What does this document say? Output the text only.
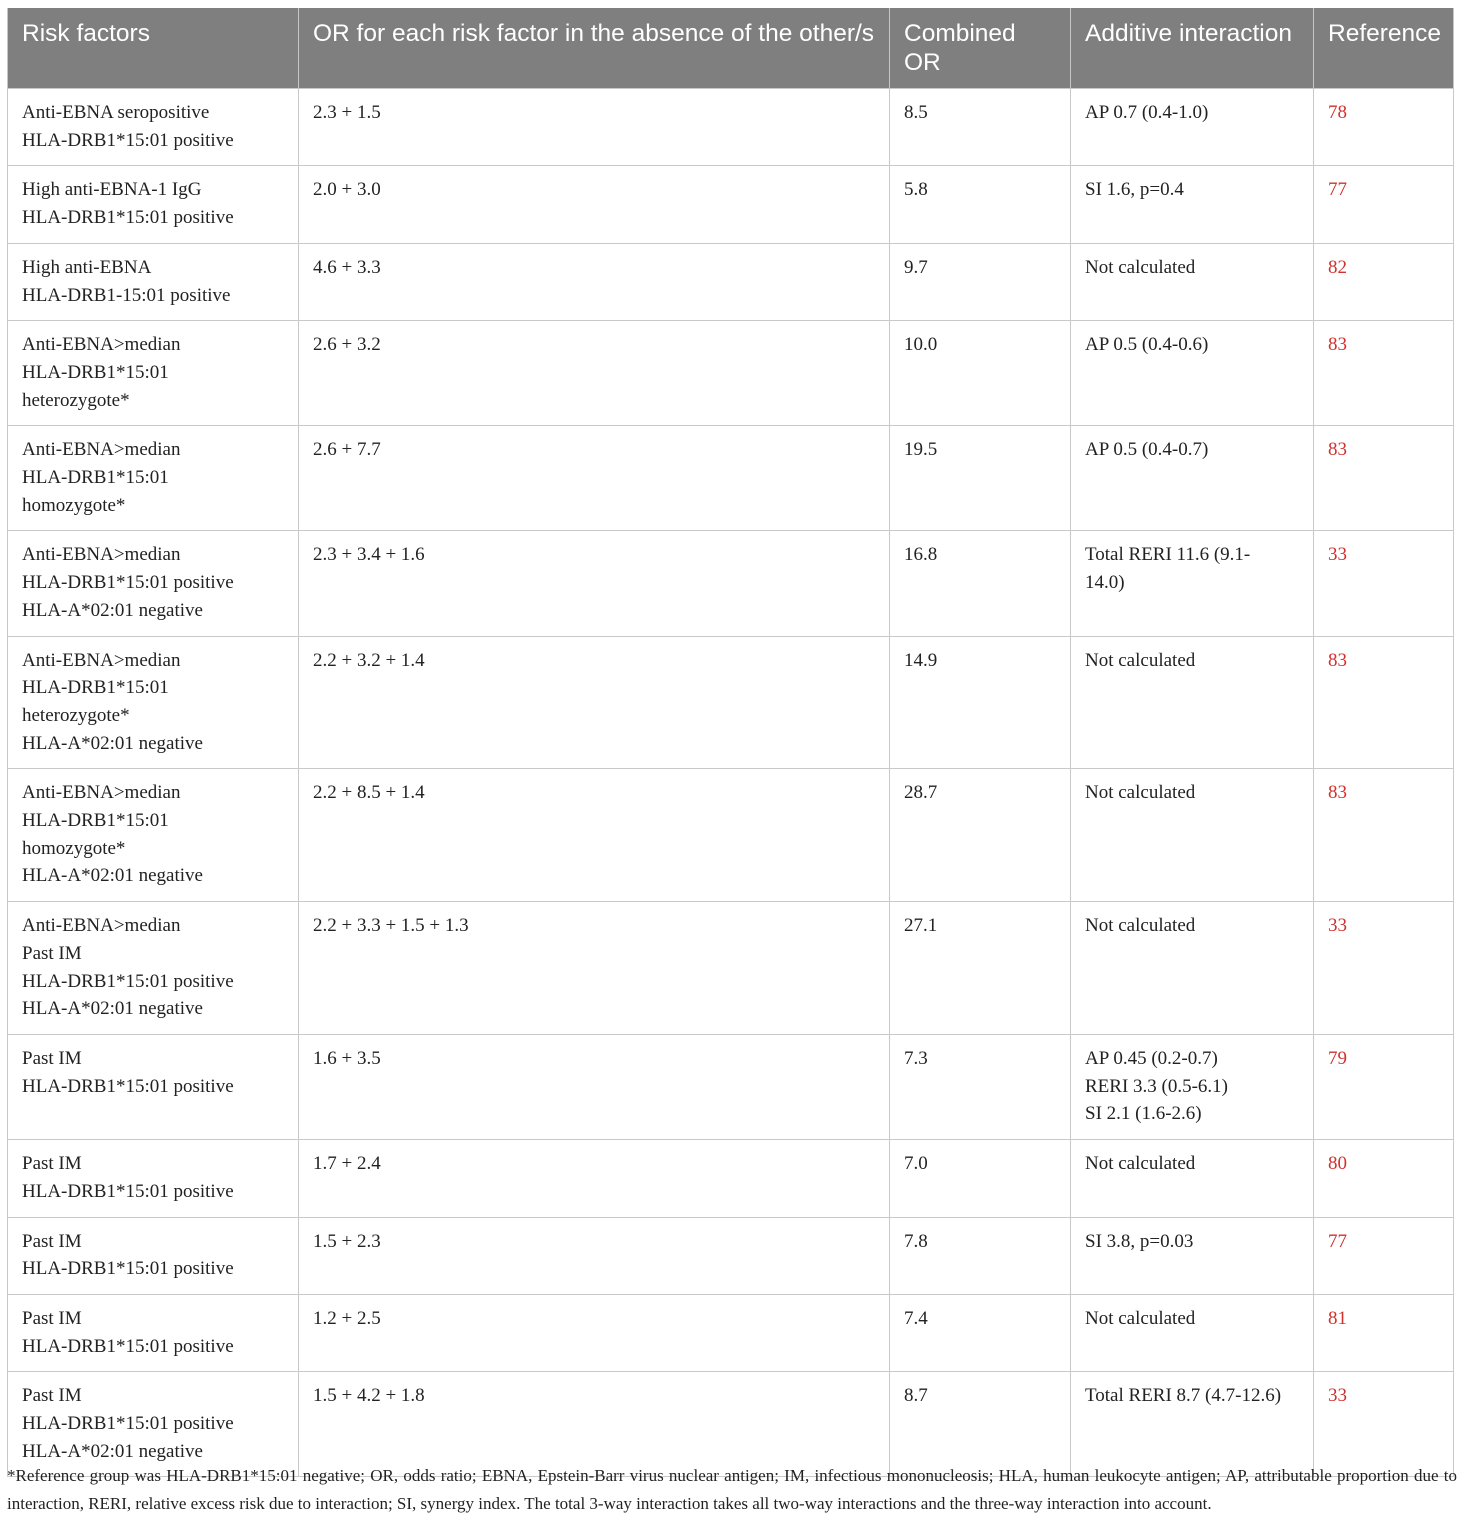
Risk factors	OR for each risk factor in the absence of the other/s	Combined OR	Additive interaction	Reference

Anti-EBNA seropositive
HLA-DRB1*15:01 positive	2.3 + 1.5	8.5	AP 0.7 (0.4-1.0)	78

High anti-EBNA-1 IgG
HLA-DRB1*15:01 positive	2.0 + 3.0	5.8	SI 1.6, p=0.4	77

High anti-EBNA
HLA-DRB1-15:01 positive	4.6 + 3.3	9.7	Not calculated	82

Anti-EBNA>median
HLA-DRB1*15:01
heterozygote*	2.6 + 3.2	10.0	AP 0.5 (0.4-0.6)	83

Anti-EBNA>median
HLA-DRB1*15:01
homozygote*	2.6 + 7.7	19.5	AP 0.5 (0.4-0.7)	83

Anti-EBNA>median
HLA-DRB1*15:01 positive
HLA-A*02:01 negative	2.3 + 3.4 + 1.6	16.8	Total RERI 11.6 (9.1-
14.0)	33

Anti-EBNA>median
HLA-DRB1*15:01
heterozygote*
HLA-A*02:01 negative	2.2 + 3.2 + 1.4	14.9	Not calculated	83

Anti-EBNA>median
HLA-DRB1*15:01
homozygote*
HLA-A*02:01 negative	2.2 + 8.5 + 1.4	28.7	Not calculated	83

Anti-EBNA>median
Past IM
HLA-DRB1*15:01 positive
HLA-A*02:01 negative	2.2 + 3.3 + 1.5 + 1.3	27.1	Not calculated	33

Past IM
HLA-DRB1*15:01 positive	1.6 + 3.5	7.3	AP 0.45 (0.2-0.7)
RERI 3.3 (0.5-6.1)
SI 2.1 (1.6-2.6)	79

Past IM
HLA-DRB1*15:01 positive	1.7 + 2.4	7.0	Not calculated	80

Past IM
HLA-DRB1*15:01 positive	1.5 + 2.3	7.8	SI 3.8, p=0.03	77

Past IM
HLA-DRB1*15:01 positive	1.2 + 2.5	7.4	Not calculated	81

Past IM
HLA-DRB1*15:01 positive
HLA-A*02:01 negative	1.5 + 4.2 + 1.8	8.7	Total RERI 8.7 (4.7-12.6)	33

*Reference group was HLA-DRB1*15:01 negative; OR, odds ratio; EBNA, Epstein-Barr virus nuclear antigen; IM, infectious mononucleosis; HLA, human leukocyte antigen; AP, attributable proportion due to interaction, RERI, relative excess risk due to interaction; SI, synergy index. The total 3-way interaction takes all two-way interactions and the three-way interaction into account.
